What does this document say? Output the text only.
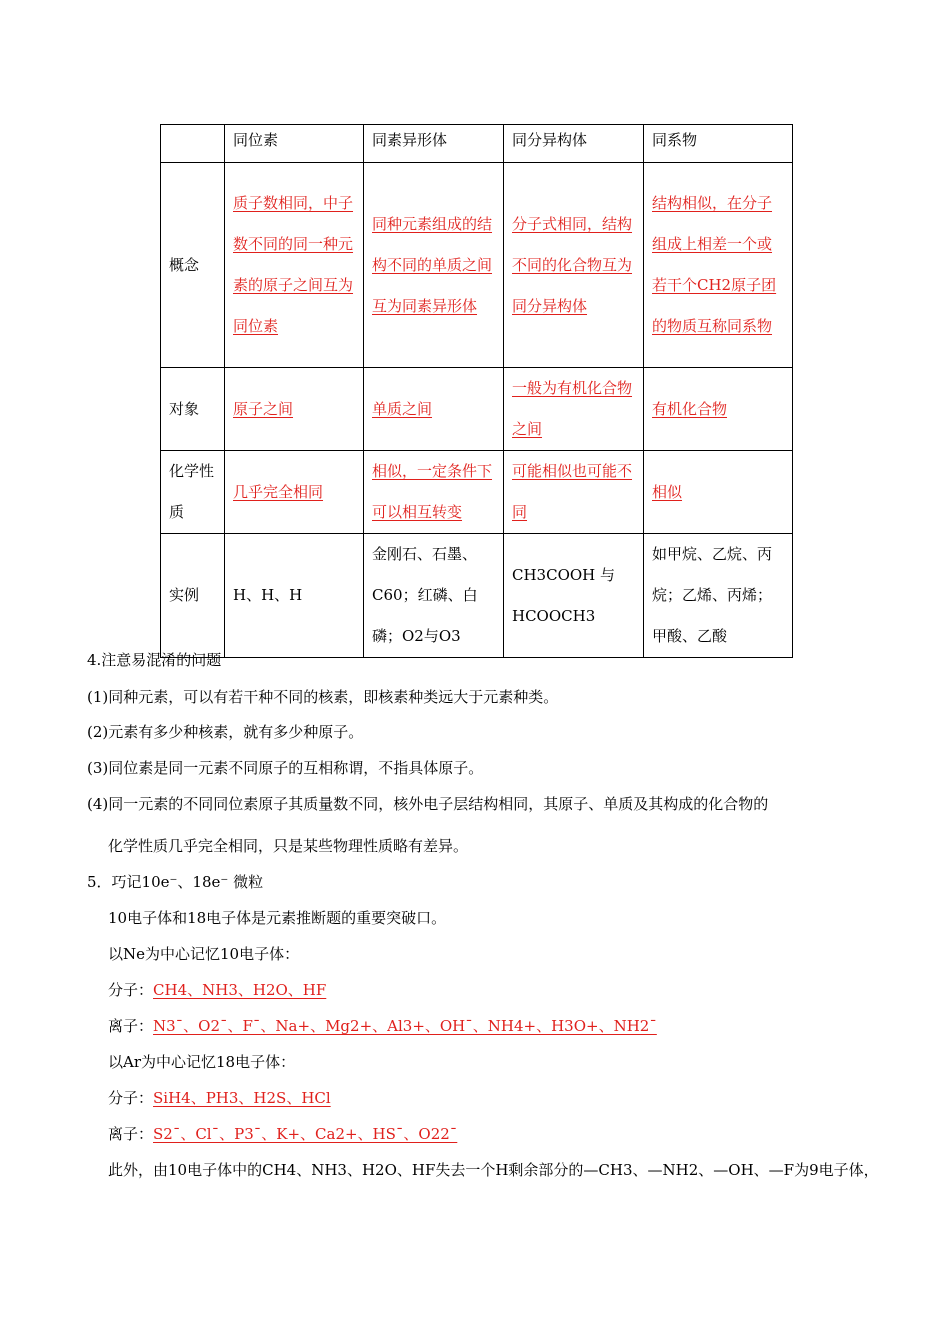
	同位素	同素异形体	同分异构体	同系物
概念	质子数相同，中子数不同的同一种元素的原子之间互为同位素	同种元素组成的结构不同的单质之间互为同素异形体	分子式相同，结构不同的化合物互为同分异构体	结构相似，在分子组成上相差一个或若干个CH2原子团的物质互称同系物
对象	原子之间	单质之间	一般为有机化合物之间	有机化合物
化学性质	几乎完全相同	相似，一定条件下可以相互转变	可能相似也可能不同	相似
实例	H、H、H	金刚石、石墨、C60；红磷、白磷；O2与O3	CH3COOH 与 HCOOCH3	如甲烷、乙烷、丙烷；乙烯、丙烯；甲酸、乙酸
4.注意易混淆的问题
(1)同种元素，可以有若干种不同的核素，即核素种类远大于元素种类。
(2)元素有多少种核素，就有多少种原子。
(3)同位素是同一元素不同原子的互相称谓，不指具体原子。
(4)同一元素的不同同位素原子其质量数不同，核外电子层结构相同，其原子、单质及其构成的化合物的
化学性质几乎完全相同，只是某些物理性质略有差异。
5．巧记10e⁻、18e⁻ 微粒
10电子体和18电子体是元素推断题的重要突破口。
以Ne为中心记忆10电子体：
分子：CH4、NH3、H2O、HF
离子：N3¯、O2¯、F¯、Na+、Mg2+、Al3+、OH¯、NH4+、H3O+、NH2¯
以Ar为中心记忆18电子体：
分子：SiH4、PH3、H2S、HCl
离子：S2¯、Cl¯、P3¯、K+、Ca2+、HS¯、O22¯
此外，由10电子体中的CH4、NH3、H2O、HF失去一个H剩余部分的—CH3、—NH2、—OH、—F为9电子体，
